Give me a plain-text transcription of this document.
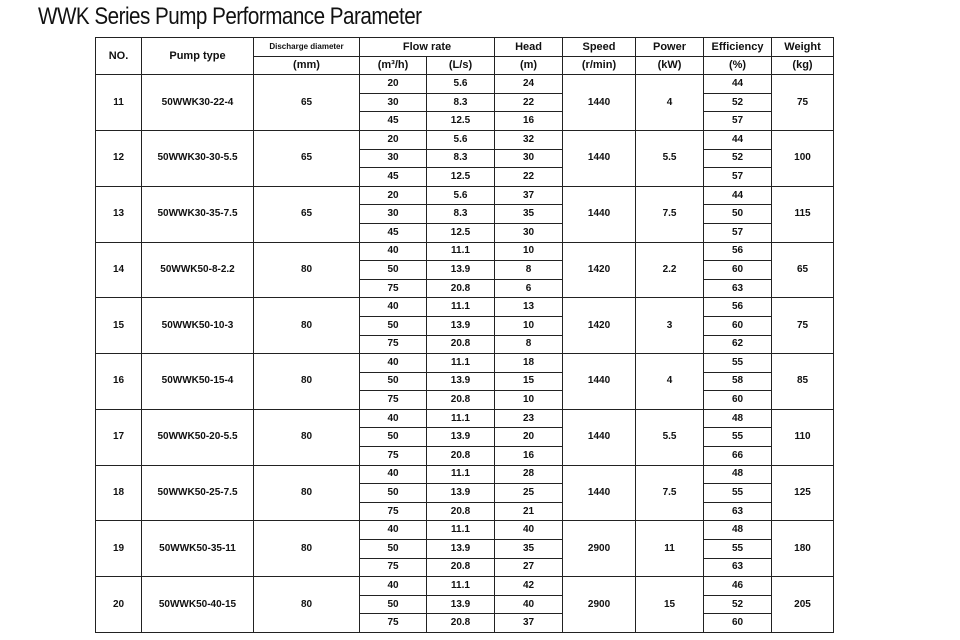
WWK Series Pump Performance Parameter
NO.	Pump type	Discharge diameter	Flow rate		Head	Speed	Power	Efficiency	Weight
		(mm)	(m³/h)	(L/s)	(m)	(r/min)	(kW)	(%)	(kg)
11	50WWK30-22-4	65	20	5.6	24	1440	4	44	75
			30	8.3	22			52	
			45	12.5	16			57	
12	50WWK30-30-5.5	65	20	5.6	32	1440	5.5	44	100
			30	8.3	30			52	
			45	12.5	22			57	
13	50WWK30-35-7.5	65	20	5.6	37	1440	7.5	44	115
			30	8.3	35			50	
			45	12.5	30			57	
14	50WWK50-8-2.2	80	40	11.1	10	1420	2.2	56	65
			50	13.9	8			60	
			75	20.8	6			63	
15	50WWK50-10-3	80	40	11.1	13	1420	3	56	75
			50	13.9	10			60	
			75	20.8	8			62	
16	50WWK50-15-4	80	40	11.1	18	1440	4	55	85
			50	13.9	15			58	
			75	20.8	10			60	
17	50WWK50-20-5.5	80	40	11.1	23	1440	5.5	48	110
			50	13.9	20			55	
			75	20.8	16			66	
18	50WWK50-25-7.5	80	40	11.1	28	1440	7.5	48	125
			50	13.9	25			55	
			75	20.8	21			63	
19	50WWK50-35-11	80	40	11.1	40	2900	11	48	180
			50	13.9	35			55	
			75	20.8	27			63	
20	50WWK50-40-15	80	40	11.1	42	2900	15	46	205
			50	13.9	40			52	
			75	20.8	37			60	
